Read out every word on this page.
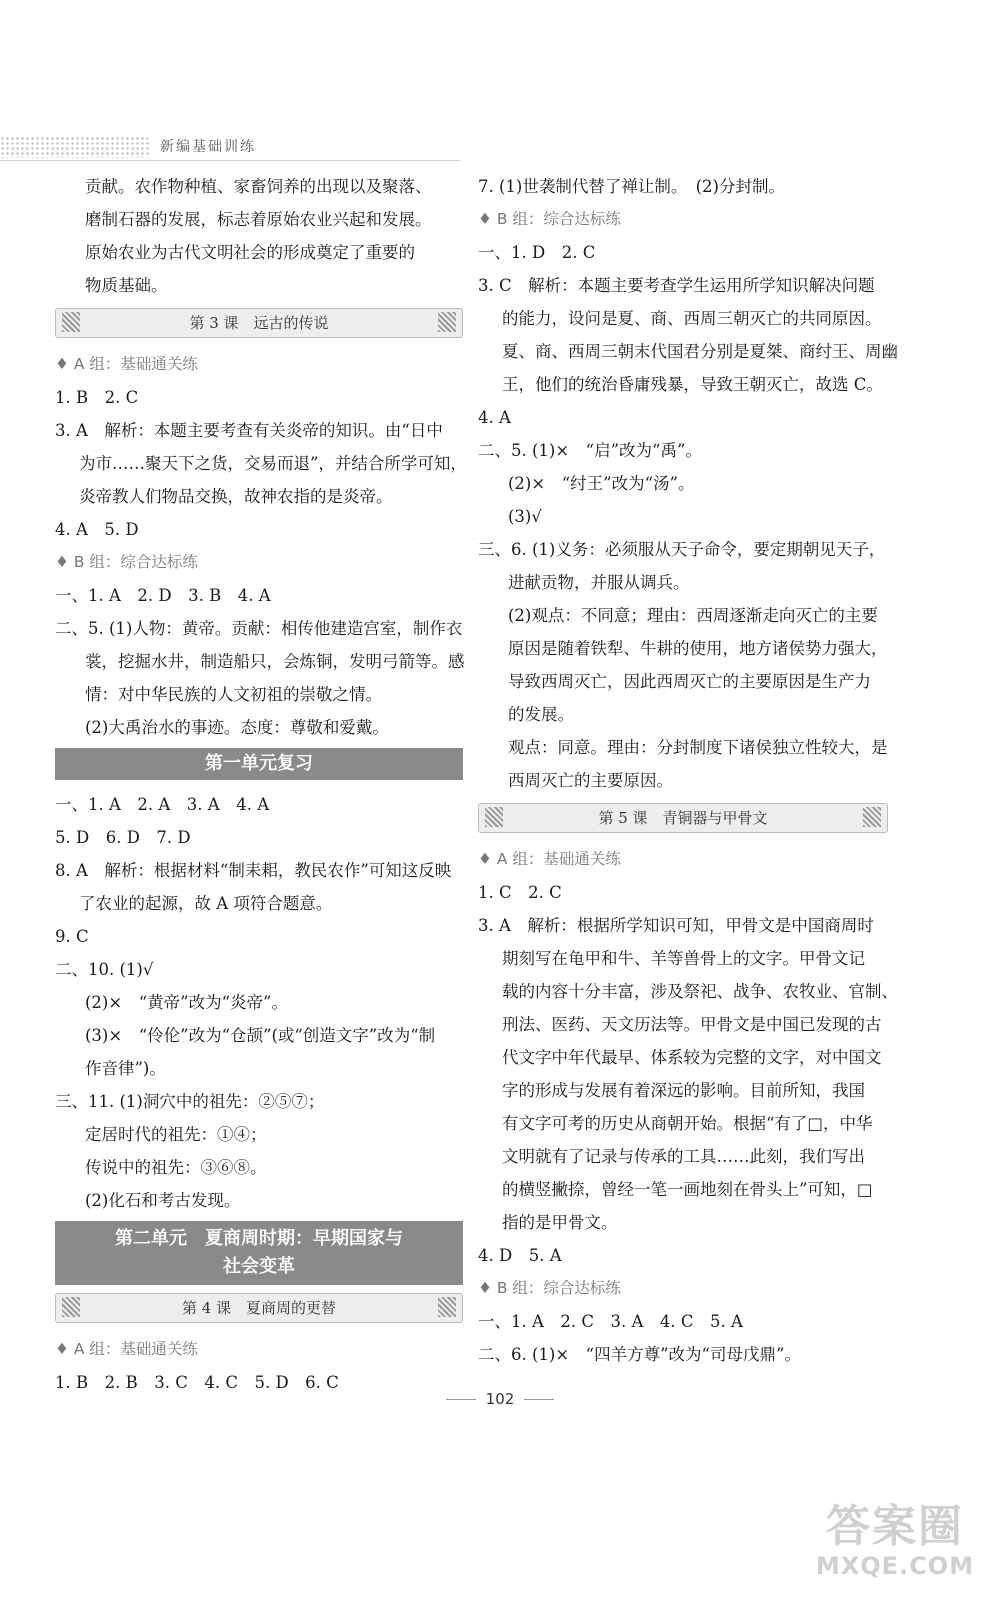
新编基础训练
贡献。农作物种植、家畜饲养的出现以及聚落、
磨制石器的发展，标志着原始农业兴起和发展。
原始农业为古代文明社会的形成奠定了重要的
物质基础。
第 3 课　远古的传说
♦ A 组：基础通关练
1. B　2. C
3. A　解析：本题主要考查有关炎帝的知识。由“日中
为市……聚天下之货，交易而退”，并结合所学可知，
炎帝教人们物品交换，故神农指的是炎帝。
4. A　5. D
♦ B 组：综合达标练
一、1. A　2. D　3. B　4. A
二、5. (1)人物：黄帝。贡献：相传他建造宫室，制作衣
裳，挖掘水井，制造船只，会炼铜，发明弓箭等。感
情：对中华民族的人文初祖的崇敬之情。
(2)大禹治水的事迹。态度：尊敬和爱戴。
第一单元复习
一、1. A　2. A　3. A　4. A
5. D　6. D　7. D
8. A　解析：根据材料“制耒耜，教民农作”可知这反映
了农业的起源，故 A 项符合题意。
9. C
二、10. (1)√
(2)×　“黄帝”改为“炎帝”。
(3)×　“伶伦”改为“仓颉”(或“创造文字”改为“制
作音律”)。
三、11. (1)洞穴中的祖先：②⑤⑦；
定居时代的祖先：①④；
传说中的祖先：③⑥⑧。
(2)化石和考古发现。
第二单元　夏商周时期：早期国家与
社会变革
第 4 课　夏商周的更替
♦ A 组：基础通关练
1. B　2. B　3. C　4. C　5. D　6. C
7. (1)世袭制代替了禅让制。　(2)分封制。
♦ B 组：综合达标练
一、1. D　2. C
3. C　解析：本题主要考查学生运用所学知识解决问题
的能力，设问是夏、商、西周三朝灭亡的共同原因。
夏、商、西周三朝末代国君分别是夏桀、商纣王、周幽
王，他们的统治昏庸残暴，导致王朝灭亡，故选 C。
4. A
二、5. (1)×　“启”改为“禹”。
(2)×　“纣王”改为“汤”。
(3)√
三、6. (1)义务：必须服从天子命令，要定期朝见天子，
进献贡物，并服从调兵。
(2)观点：不同意；理由：西周逐渐走向灭亡的主要
原因是随着铁犁、牛耕的使用，地方诸侯势力强大，
导致西周灭亡，因此西周灭亡的主要原因是生产力
的发展。
观点：同意。理由：分封制度下诸侯独立性较大，是
西周灭亡的主要原因。
第 5 课　青铜器与甲骨文
♦ A 组：基础通关练
1. C　2. C
3. A　解析：根据所学知识可知，甲骨文是中国商周时
期刻写在龟甲和牛、羊等兽骨上的文字。甲骨文记
载的内容十分丰富，涉及祭祀、战争、农牧业、官制、
刑法、医药、天文历法等。甲骨文是中国已发现的古
代文字中年代最早、体系较为完整的文字，对中国文
字的形成与发展有着深远的影响。目前所知，我国
有文字可考的历史从商朝开始。根据“有了□，中华
文明就有了记录与传承的工具……此刻，我们写出
的横竖撇捺，曾经一笔一画地刻在骨头上”可知，□
指的是甲骨文。
4. D　5. A
♦ B 组：综合达标练
一、1. A　2. C　3. A　4. C　5. A
二、6. (1)×　“四羊方尊”改为“司母戊鼎”。
102
答案圈
MXQE.COM
